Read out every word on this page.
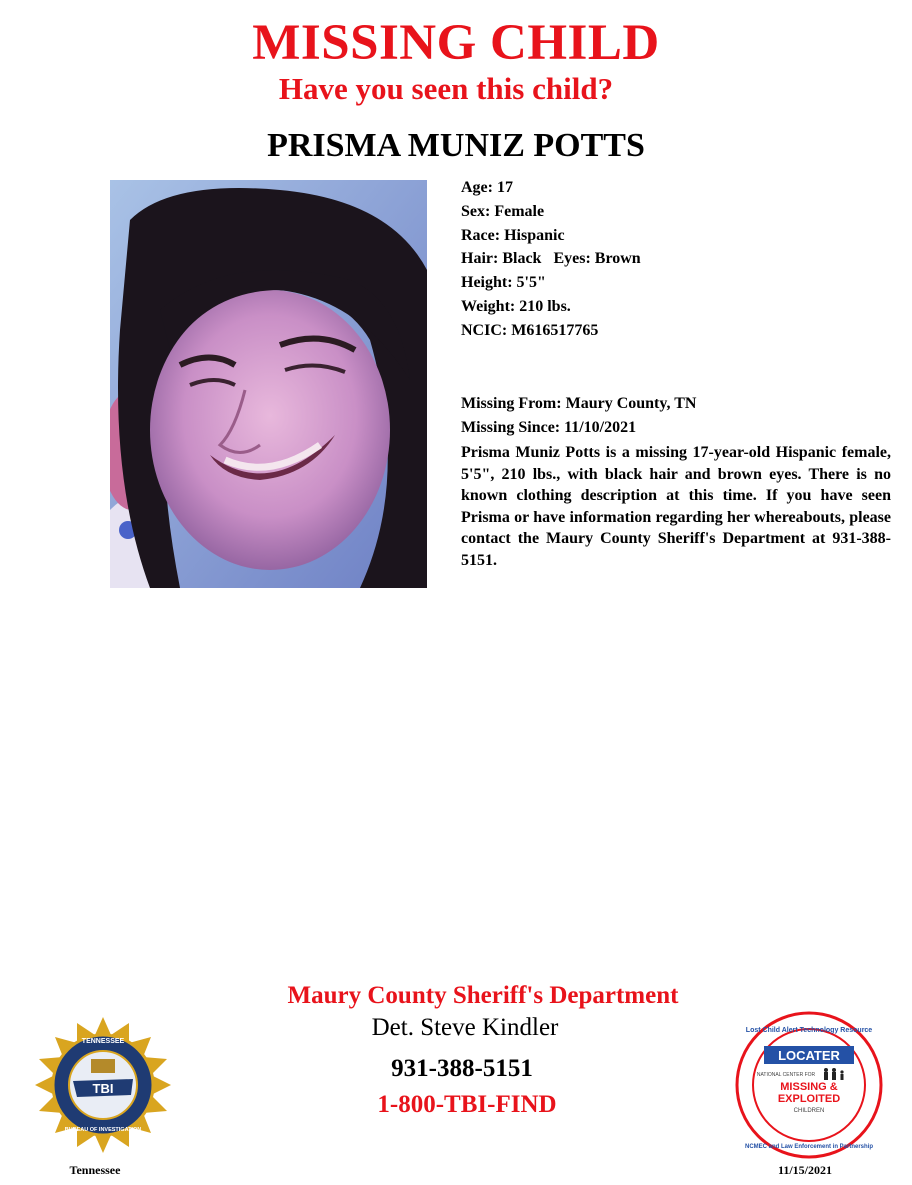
MISSING CHILD
Have you seen this child?
PRISMA MUNIZ POTTS
Age: 17
Sex: Female
Race: Hispanic
Hair: Black   Eyes: Brown
Height: 5'5"
Weight: 210 lbs.
NCIC: M616517765
Missing From: Maury County, TN
Missing Since: 11/10/2021
Prisma Muniz Potts is a missing 17-year-old Hispanic female, 5'5", 210 lbs., with black hair and brown eyes. There is no known clothing description at this time. If you have seen Prisma or have information regarding her whereabouts, please contact the Maury County Sheriff's Department at 931-388-5151.
Maury County Sheriff's Department
Det. Steve Kindler
931-388-5151
1-800-TBI-FIND
TBI
TENNESSEE
BUREAU OF INVESTIGATION
Tennessee
Lost Child Alert Technology Resource
NCMEC and Law Enforcement in Partnership
LOCATER
NATIONAL CENTER FOR
MISSING &
EXPLOITED
CHILDREN
11/15/2021
